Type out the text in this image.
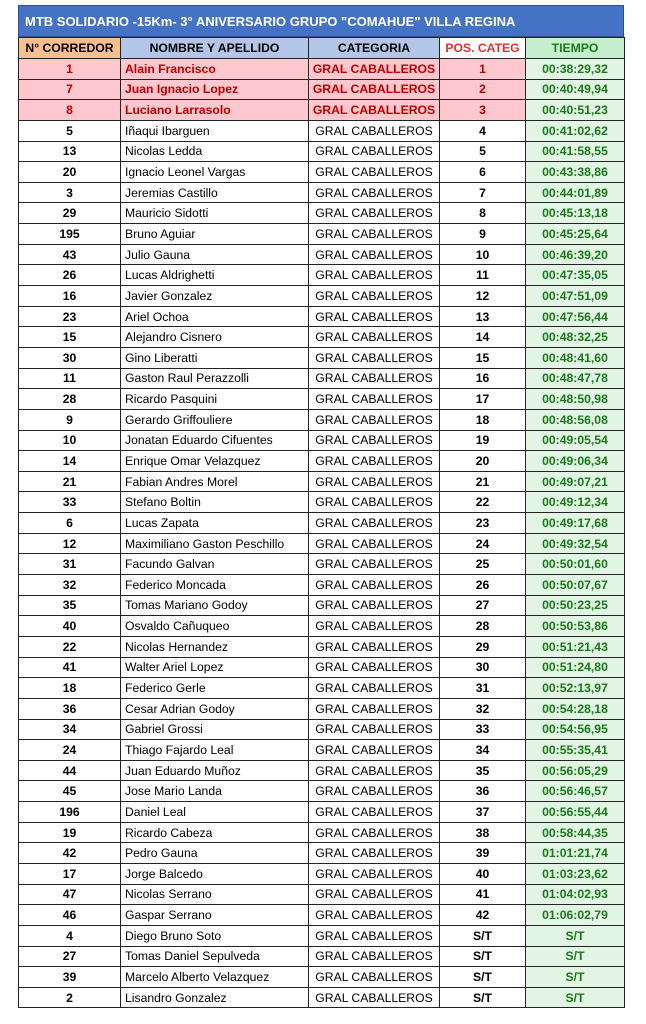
MTB SOLIDARIO -15Km- 3° ANIVERSARIO GRUPO "COMAHUE" VILLA REGINA
N° CORREDOR	NOMBRE Y APELLIDO	CATEGORIA	POS. CATEG	TIEMPO
1	Alain Francisco	GRAL CABALLEROS	1	00:38:29,32
7	Juan Ignacio Lopez	GRAL CABALLEROS	2	00:40:49,94
8	Luciano Larrasolo	GRAL CABALLEROS	3	00:40:51,23
5	Iñaqui Ibarguen	GRAL CABALLEROS	4	00:41:02,62
13	Nicolas Ledda	GRAL CABALLEROS	5	00:41:58,55
20	Ignacio Leonel Vargas	GRAL CABALLEROS	6	00:43:38,86
3	Jeremias Castillo	GRAL CABALLEROS	7	00:44:01,89
29	Mauricio Sidotti	GRAL CABALLEROS	8	00:45:13,18
195	Bruno Aguiar	GRAL CABALLEROS	9	00:45:25,64
43	Julio Gauna	GRAL CABALLEROS	10	00:46:39,20
26	Lucas Aldrighetti	GRAL CABALLEROS	11	00:47:35,05
16	Javier Gonzalez	GRAL CABALLEROS	12	00:47:51,09
23	Ariel Ochoa	GRAL CABALLEROS	13	00:47:56,44
15	Alejandro Cisnero	GRAL CABALLEROS	14	00:48:32,25
30	Gino Liberatti	GRAL CABALLEROS	15	00:48:41,60
11	Gaston Raul Perazzolli	GRAL CABALLEROS	16	00:48:47,78
28	Ricardo Pasquini	GRAL CABALLEROS	17	00:48:50,98
9	Gerardo Griffouliere	GRAL CABALLEROS	18	00:48:56,08
10	Jonatan Eduardo Cifuentes	GRAL CABALLEROS	19	00:49:05,54
14	Enrique Omar Velazquez	GRAL CABALLEROS	20	00:49:06,34
21	Fabian Andres Morel	GRAL CABALLEROS	21	00:49:07,21
33	Stefano Boltin	GRAL CABALLEROS	22	00:49:12,34
6	Lucas Zapata	GRAL CABALLEROS	23	00:49:17,68
12	Maximiliano Gaston Peschillo	GRAL CABALLEROS	24	00:49:32,54
31	Facundo Galvan	GRAL CABALLEROS	25	00:50:01,60
32	Federico Moncada	GRAL CABALLEROS	26	00:50:07,67
35	Tomas Mariano Godoy	GRAL CABALLEROS	27	00:50:23,25
40	Osvaldo Cañuqueo	GRAL CABALLEROS	28	00:50:53,86
22	Nicolas Hernandez	GRAL CABALLEROS	29	00:51:21,43
41	Walter Ariel Lopez	GRAL CABALLEROS	30	00:51:24,80
18	Federico Gerle	GRAL CABALLEROS	31	00:52:13,97
36	Cesar Adrian Godoy	GRAL CABALLEROS	32	00:54:28,18
34	Gabriel Grossi	GRAL CABALLEROS	33	00:54:56,95
24	Thiago Fajardo Leal	GRAL CABALLEROS	34	00:55:35,41
44	Juan Eduardo Muñoz	GRAL CABALLEROS	35	00:56:05,29
45	Jose Mario Landa	GRAL CABALLEROS	36	00:56:46,57
196	Daniel Leal	GRAL CABALLEROS	37	00:56:55,44
19	Ricardo Cabeza	GRAL CABALLEROS	38	00:58:44,35
42	Pedro Gauna	GRAL CABALLEROS	39	01:01:21,74
17	Jorge Balcedo	GRAL CABALLEROS	40	01:03:23,62
47	Nicolas Serrano	GRAL CABALLEROS	41	01:04:02,93
46	Gaspar Serrano	GRAL CABALLEROS	42	01:06:02,79
4	Diego Bruno Soto	GRAL CABALLEROS	S/T	S/T
27	Tomas Daniel Sepulveda	GRAL CABALLEROS	S/T	S/T
39	Marcelo Alberto Velazquez	GRAL CABALLEROS	S/T	S/T
2	Lisandro Gonzalez	GRAL CABALLEROS	S/T	S/T
